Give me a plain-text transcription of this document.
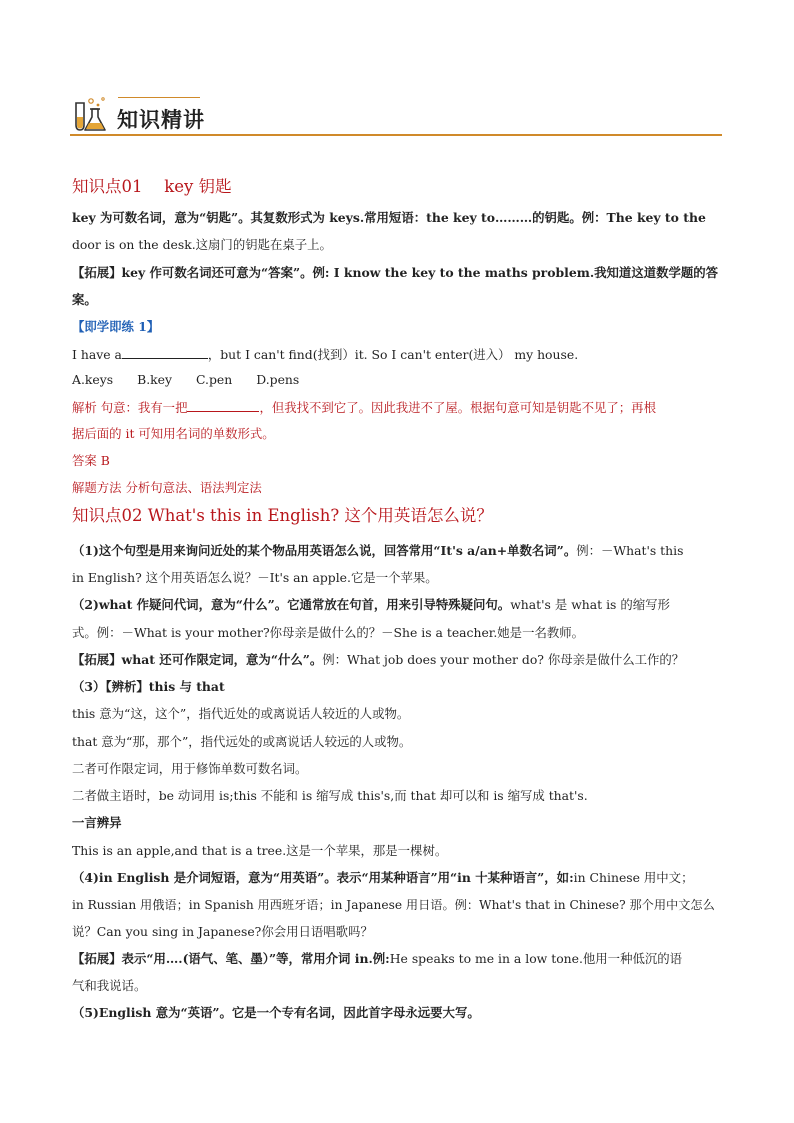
知识精讲
知识点01　 key 钥匙
key 为可数名词，意为“钥匙”。其复数形式为 keys.常用短语：the key to………的钥匙。例：The key to the
door is on the desk.这扇门的钥匙在桌子上。
【拓展】key 作可数名词还可意为“答案”。例: I know the key to the maths problem.我知道这道数学题的答
案。
【即学即练 1】
I have a	，but I can't find(找到）it. So I can't enter(进入） my house.
A.keys B.key C.pen D.pens
解析 句意：我有一把	，但我找不到它了。因此我进不了屋。根据句意可知是钥匙不见了；再根
据后面的 it 可知用名词的单数形式。
答案 B
解题方法 分析句意法、语法判定法
知识点02 What's this in English? 这个用英语怎么说？
（1)这个句型是用来询问近处的某个物品用英语怎么说，回答常用“It's a/an+单数名词”。例：－What's this
in English? 这个用英语怎么说？－It's an apple.它是一个苹果。
（2)what 作疑问代词，意为“什么”。它通常放在句首，用来引导特殊疑问句。what's 是 what is 的缩写形
式。例：－What is your mother?你母亲是做什么的？－She is a teacher.她是一名教师。
【拓展】what 还可作限定词，意为“什么”。例：What job does your mother do? 你母亲是做什么工作的？
（3）【辨析】this 与 that
this 意为“这，这个”，指代近处的或离说话人较近的人或物。
that 意为“那，那个”，指代远处的或离说话人较远的人或物。
二者可作限定词，用于修饰单数可数名词。
二者做主语时，be 动词用 is;this 不能和 is 缩写成 this's,而 that 却可以和 is 缩写成 that's.
一言辨异
This is an apple,and that is a tree.这是一个苹果，那是一棵树。
（4)in English 是介词短语，意为“用英语”。表示“用某种语言”用“in 十某种语言”，如:in Chinese 用中文；
in Russian 用俄语；in Spanish 用西班牙语；in Japanese 用日语。例：What's that in Chinese? 那个用中文怎么
说？Can you sing in Japanese?你会用日语唱歌吗？
【拓展】表示“用….(语气、笔、墨）”等，常用介词 in.例:He speaks to me in a low tone.他用一种低沉的语
气和我说话。
（5)English 意为“英语”。它是一个专有名词，因此首字母永远要大写。
